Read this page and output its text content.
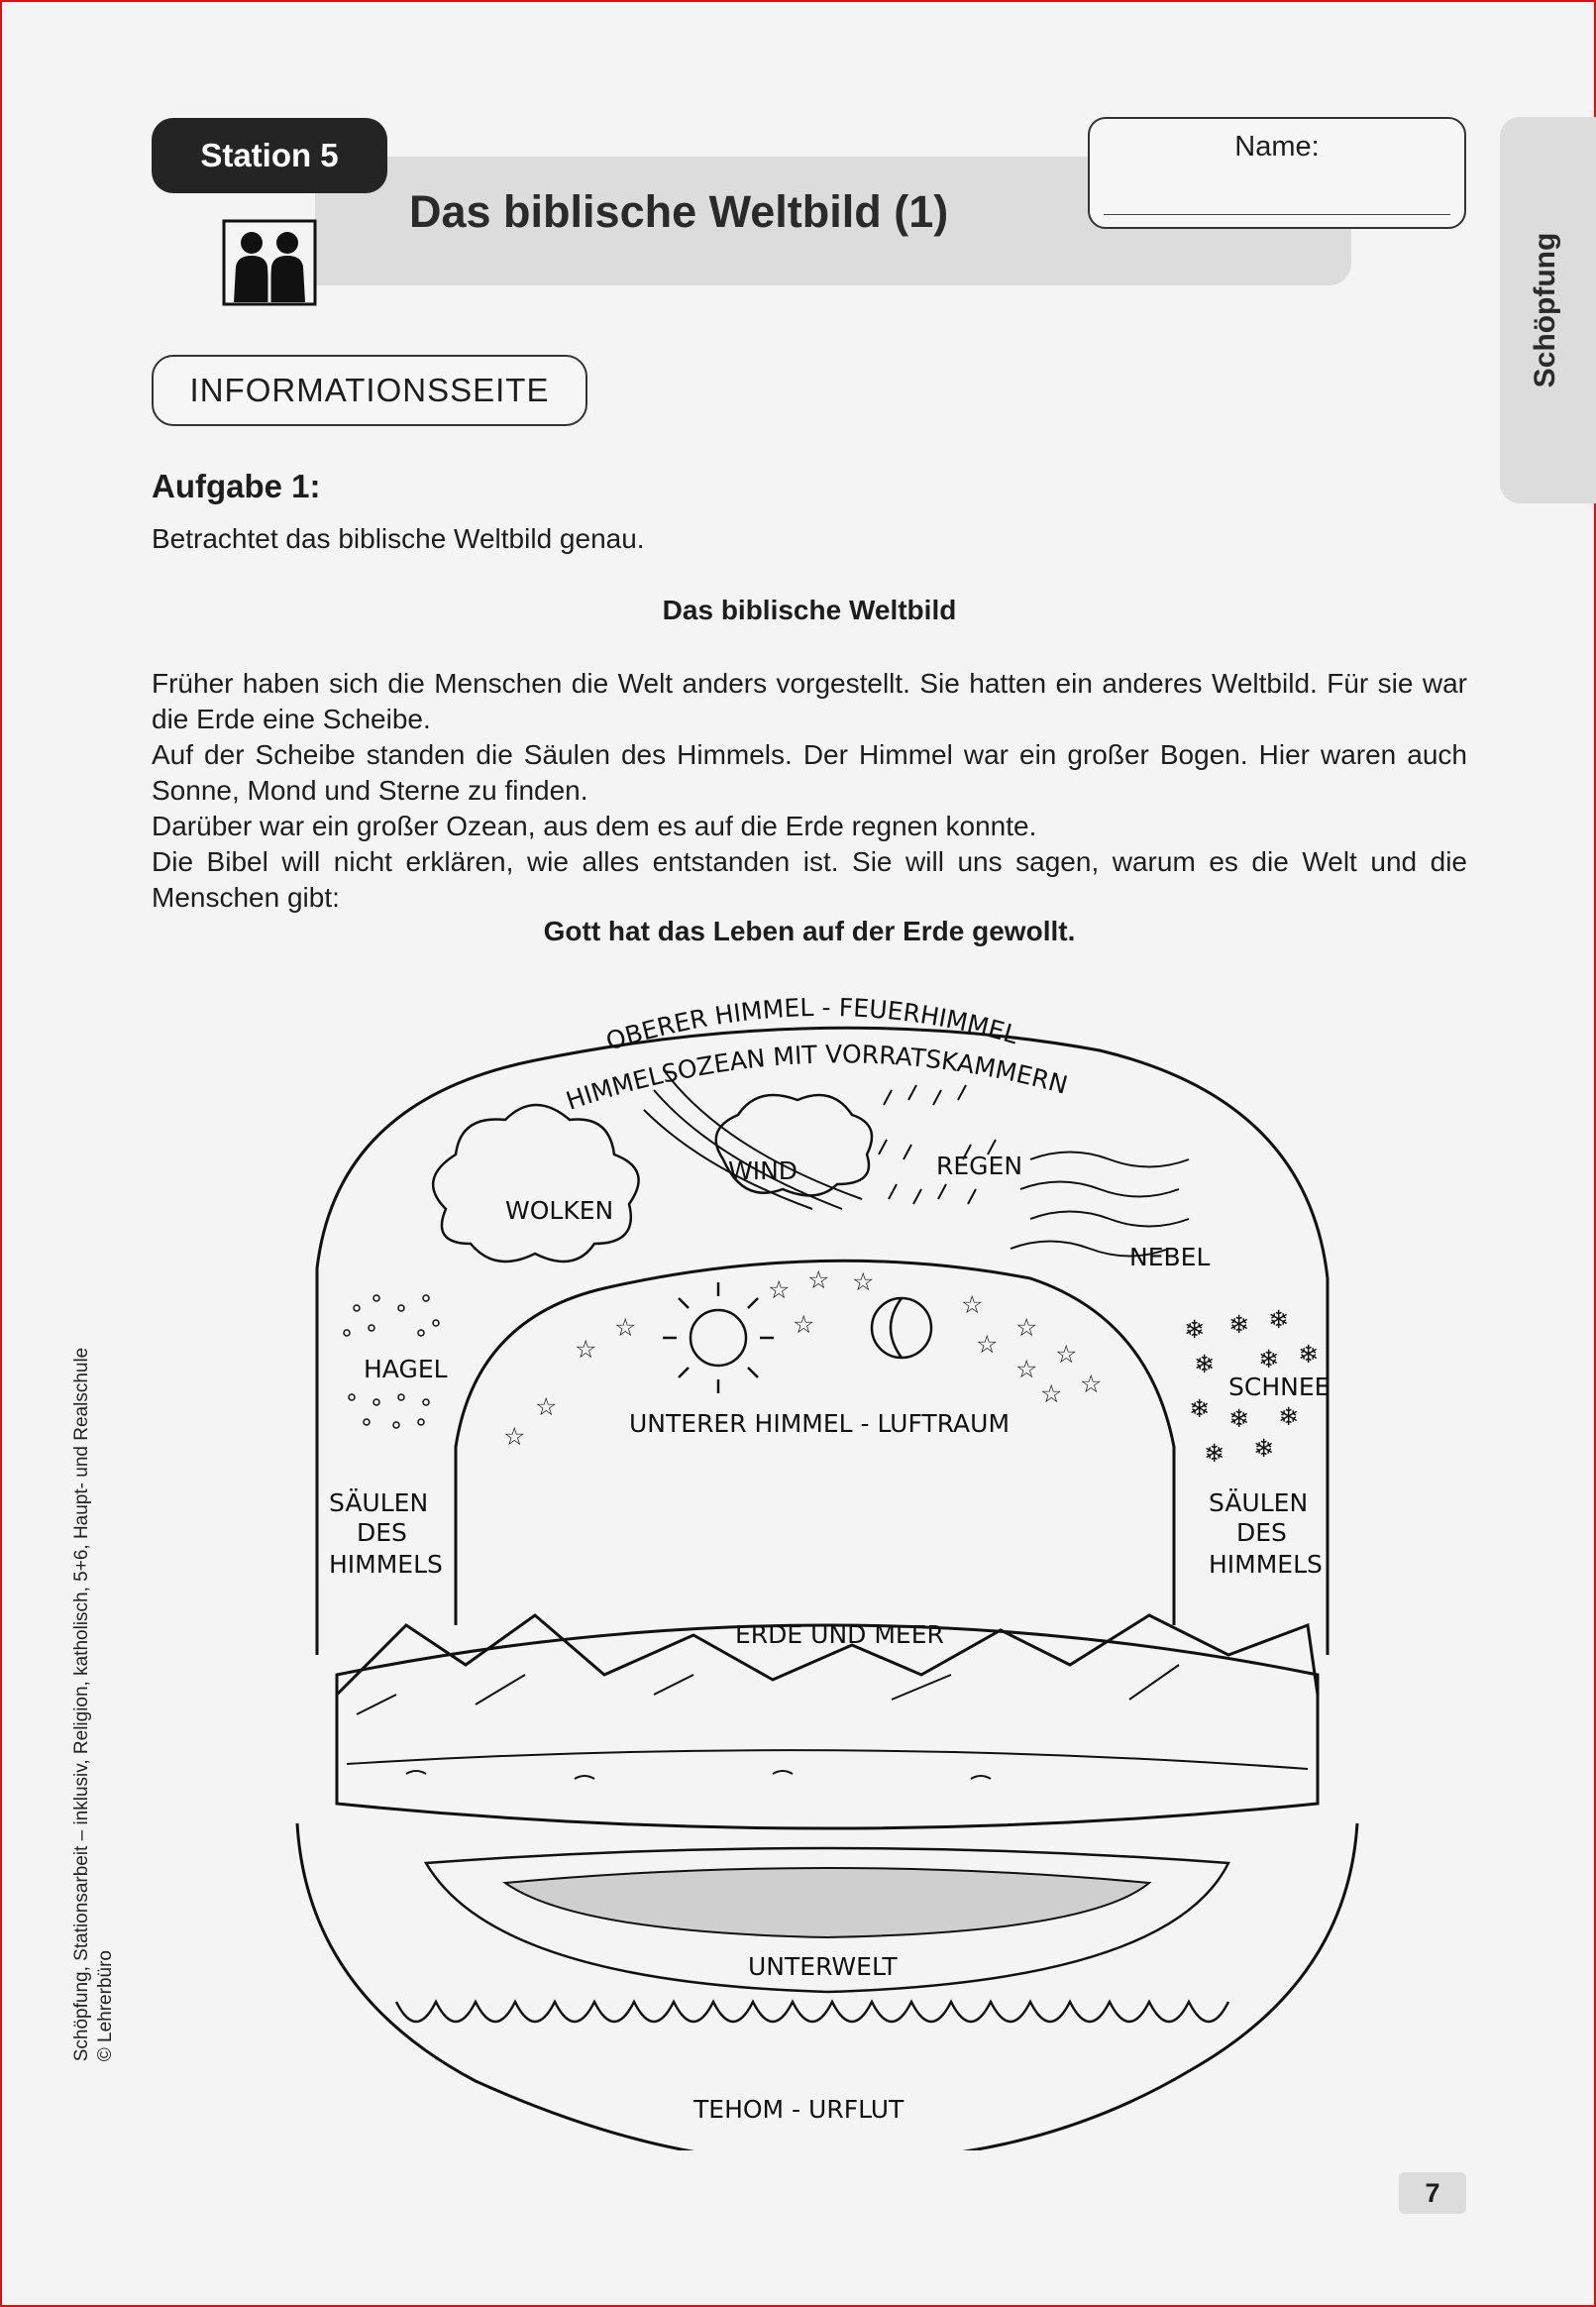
Station 5
Das biblische Weltbild (1)
Name:
Schöpfung
INFORMATIONSSEITE
Aufgabe 1:
Betrachtet das biblische Weltbild genau.
Das biblische Weltbild

Früher haben sich die Menschen die Welt anders vorgestellt. Sie hatten ein anderes Weltbild. Für sie war die Erde eine Scheibe.

Auf der Scheibe standen die Säulen des Himmels. Der Himmel war ein großer Bogen. Hier waren auch Sonne, Mond und Sterne zu finden.

Darüber war ein großer Ozean, aus dem es auf die Erde regnen konnte.

Die Bibel will nicht erklären, wie alles entstanden ist. Sie will uns sagen, warum es die Welt und die Menschen gibt:

Gott hat das Leben auf der Erde gewollt.
❄ ❄ ❄
❄ ❄ ❄
❄ ❄ ❄
❄ ❄
☆
☆
☆ ☆ ☆
☆
☆
☆
☆
☆
☆
☆ ☆
☆
☆
OBERER HIMMEL - FEUERHIMMEL
HIMMELSOZEAN MIT VORRATSKAMMERN
WOLKEN
WIND	REGEN
NEBEL
HAGEL
SCHNEE
UNTERER HIMMEL - LUFTRAUM
SÄULEN
DES
HIMMELS
SÄULEN
DES
HIMMELS
ERDE UND MEER
UNTERWELT
TEHOM - URFLUT
Schöpfung, Stationsarbeit – inklusiv, Religion, katholisch, 5+6, Haupt- und Realschule © Lehrerbüro
7
